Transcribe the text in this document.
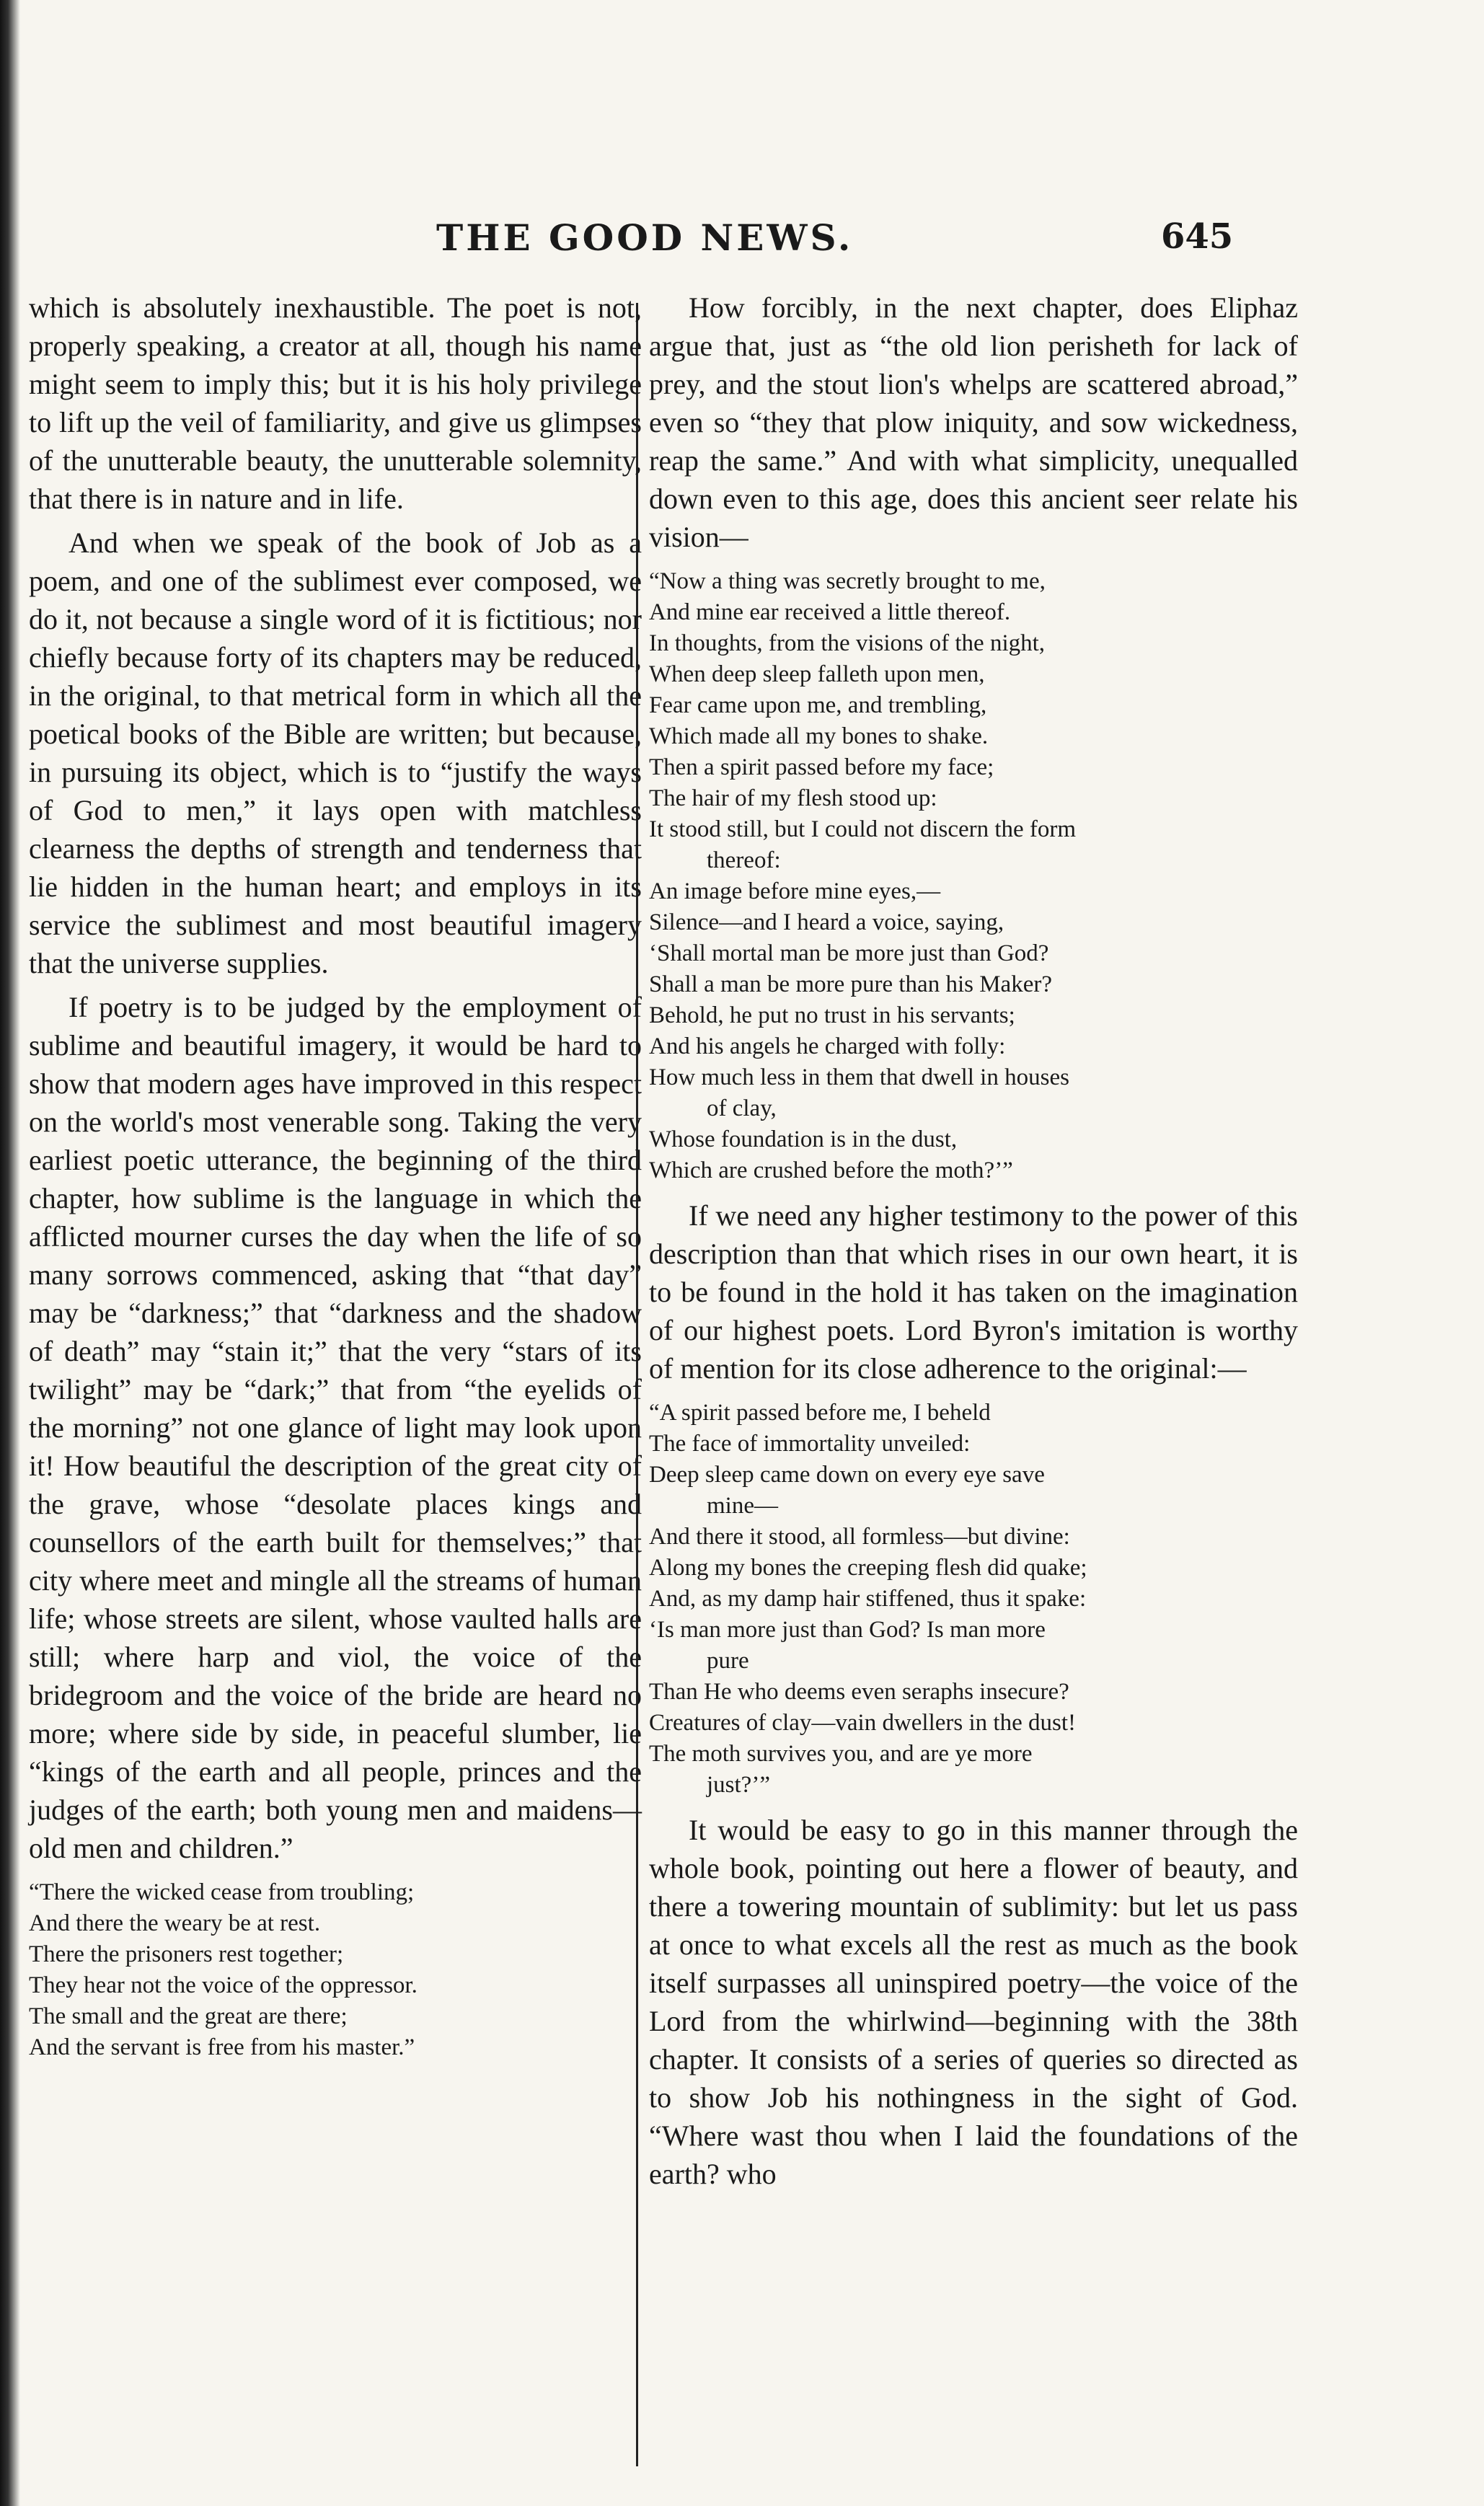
THE GOOD NEWS.	645

which is absolutely inexhaustible. The poet is not, properly speaking, a creator at all, though his name might seem to imply this; but it is his holy privilege to lift up the veil of familiarity, and give us glimpses of the unutterable beauty, the unutterable solemnity, that there is in nature and in life.

And when we speak of the book of Job as a poem, and one of the sublimest ever composed, we do it, not because a single word of it is fictitious; nor chiefly because forty of its chapters may be reduced, in the original, to that metrical form in which all the poetical books of the Bible are written; but because, in pursuing its object, which is to “justify the ways of God to men,” it lays open with matchless clearness the depths of strength and tenderness that lie hidden in the human heart; and employs in its service the sublimest and most beautiful imagery that the universe supplies.

If poetry is to be judged by the employment of sublime and beautiful imagery, it would be hard to show that modern ages have improved in this respect on the world's most venerable song. Taking the very earliest poetic utterance, the beginning of the third chapter, how sublime is the language in which the afflicted mourner curses the day when the life of so many sorrows commenced, asking that “that day” may be “darkness;” that “darkness and the shadow of death” may “stain it;” that the very “stars of its twilight” may be “dark;” that from “the eyelids of the morning” not one glance of light may look upon it! How beautiful the description of the great city of the grave, whose “desolate places kings and counsellors of the earth built for themselves;” that city where meet and mingle all the streams of human life; whose streets are silent, whose vaulted halls are still; where harp and viol, the voice of the bridegroom and the voice of the bride are heard no more; where side by side, in peaceful slumber, lie “kings of the earth and all people, princes and the judges of the earth; both young men and maidens—old men and children.”

“There the wicked cease from troubling;
And there the weary be at rest.
There the prisoners rest together;
They hear not the voice of the oppressor.
The small and the great are there;
And the servant is free from his master.”

How forcibly, in the next chapter, does Eliphaz argue that, just as “the old lion perisheth for lack of prey, and the stout lion's whelps are scattered abroad,” even so “they that plow iniquity, and sow wickedness, reap the same.” And with what simplicity, unequalled down even to this age, does this ancient seer relate his vision—

“Now a thing was secretly brought to me,
And mine ear received a little thereof.
In thoughts, from the visions of the night,
When deep sleep falleth upon men,
Fear came upon me, and trembling,
Which made all my bones to shake.
Then a spirit passed before my face;
The hair of my flesh stood up:
It stood still, but I could not discern the form
thereof:
An image before mine eyes,—
Silence—and I heard a voice, saying,
‘Shall mortal man be more just than God?
Shall a man be more pure than his Maker?
Behold, he put no trust in his servants;
And his angels he charged with folly:
How much less in them that dwell in houses
of clay,
Whose foundation is in the dust,
Which are crushed before the moth?’”

If we need any higher testimony to the power of this description than that which rises in our own heart, it is to be found in the hold it has taken on the imagination of our highest poets. Lord Byron's imitation is worthy of mention for its close adherence to the original:—

“A spirit passed before me, I beheld
The face of immortality unveiled:
Deep sleep came down on every eye save
mine—
And there it stood, all formless—but divine:
Along my bones the creeping flesh did quake;
And, as my damp hair stiffened, thus it spake:
‘Is man more just than God? Is man more
pure
Than He who deems even seraphs insecure?
Creatures of clay—vain dwellers in the dust!
The moth survives you, and are ye more
just?’”

It would be easy to go in this manner through the whole book, pointing out here a flower of beauty, and there a towering mountain of sublimity: but let us pass at once to what excels all the rest as much as the book itself surpasses all uninspired poetry—the voice of the Lord from the whirlwind—beginning with the 38th chapter. It consists of a series of queries so directed as to show Job his nothingness in the sight of God. “Where wast thou when I laid the foundations of the earth? who
